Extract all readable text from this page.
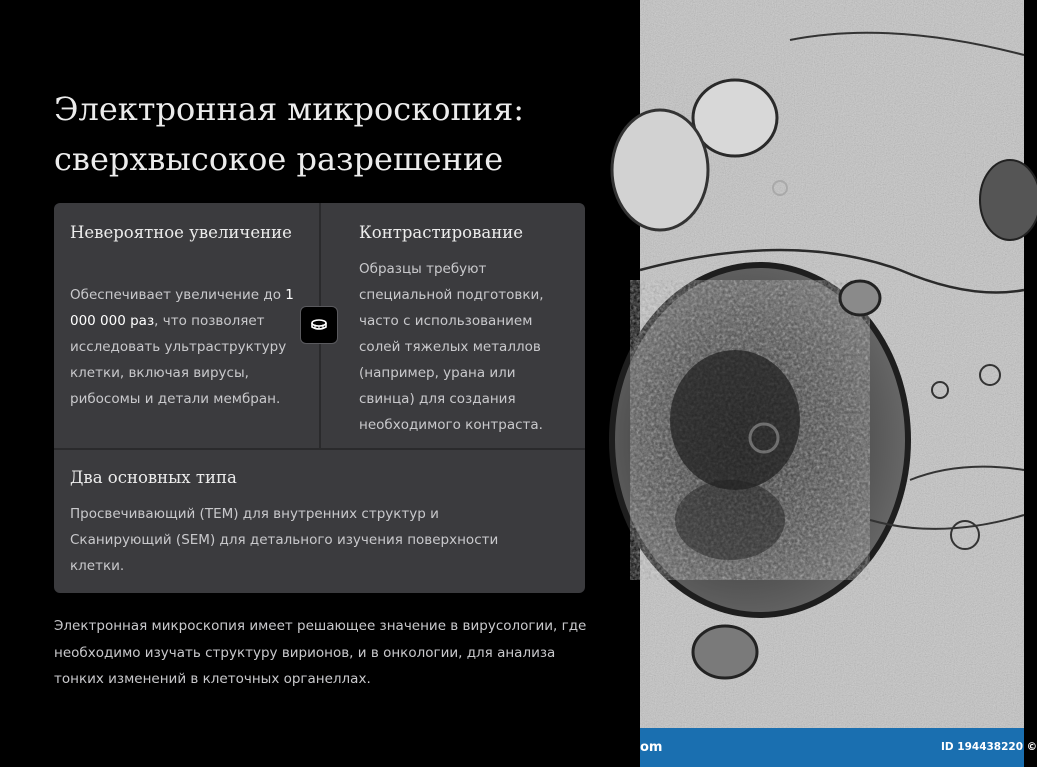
Электронная микроскопия:
сверхвысокое разрешение
Невероятное увеличение

Обеспечивает увеличение до 1 000 000 раз, что позволяет исследовать ультраструктуру клетки, включая вирусы, рибосомы и детали мембран.

Контрастирование

Образцы требуют специальной подготовки, часто с использованием солей тяжелых металлов (например, урана или свинца) для создания необходимого контраста.

Два основных типа

Просвечивающий (TEM) для внутренних структур и Сканирующий (SEM) для детального изучения поверхности клетки.

Электронная микроскопия имеет решающее значение в вирусологии, где необходимо изучать структуру вирионов, и в онкологии, для анализа тонких изменений в клеточных органеллах.

om	ID 194438220 ©
